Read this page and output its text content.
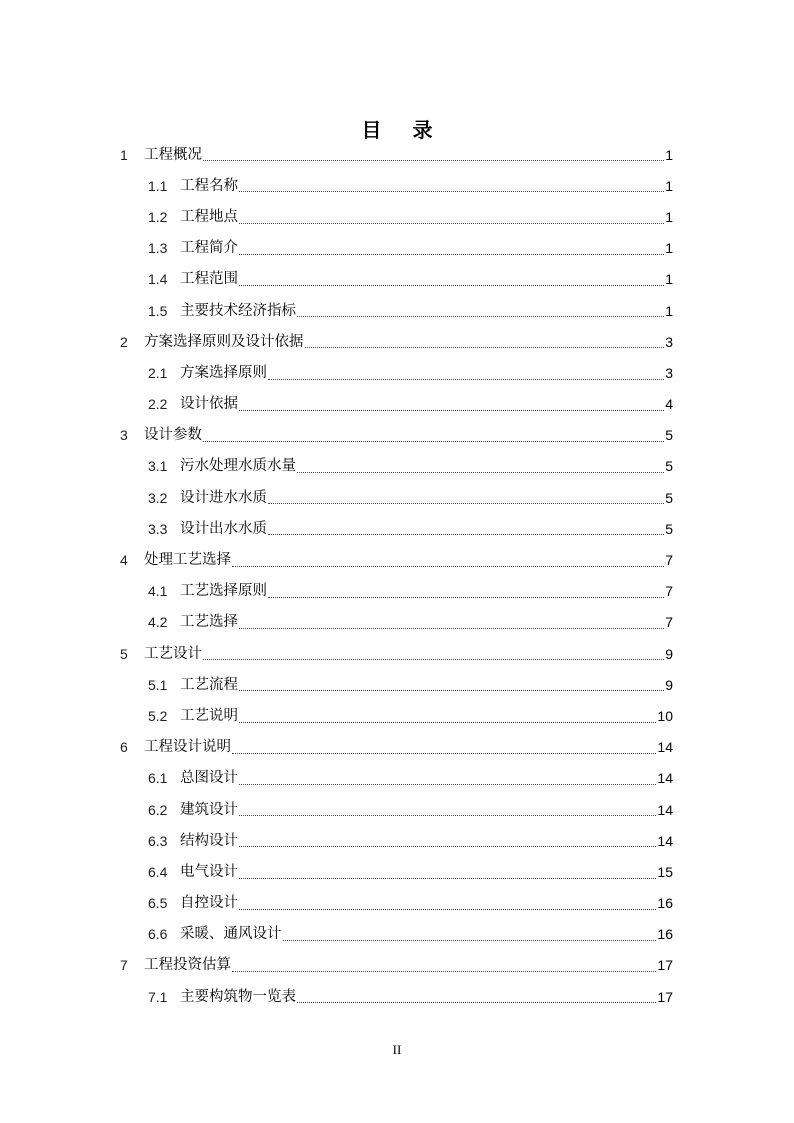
目 录
1	工程概况	1
1.1 工程名称	1
1.2 工程地点	1
1.3 工程简介	1
1.4 工程范围	1
1.5 主要技术经济指标	1
2	方案选择原则及设计依据	3
2.1 方案选择原则	3
2.2 设计依据	4
3	设计参数	5
3.1 污水处理水质水量	5
3.2 设计进水水质	5
3.3 设计出水水质	5
4	处理工艺选择	7
4.1 工艺选择原则	7
4.2 工艺选择	7
5	工艺设计	9
5.1 工艺流程	9
5.2 工艺说明	10
6	工程设计说明	14
6.1 总图设计	14
6.2 建筑设计	14
6.3 结构设计	14
6.4 电气设计	15
6.5 自控设计	16
6.6 采暖、通风设计	16
7	工程投资估算	17
7.1 主要构筑物一览表	17
II
